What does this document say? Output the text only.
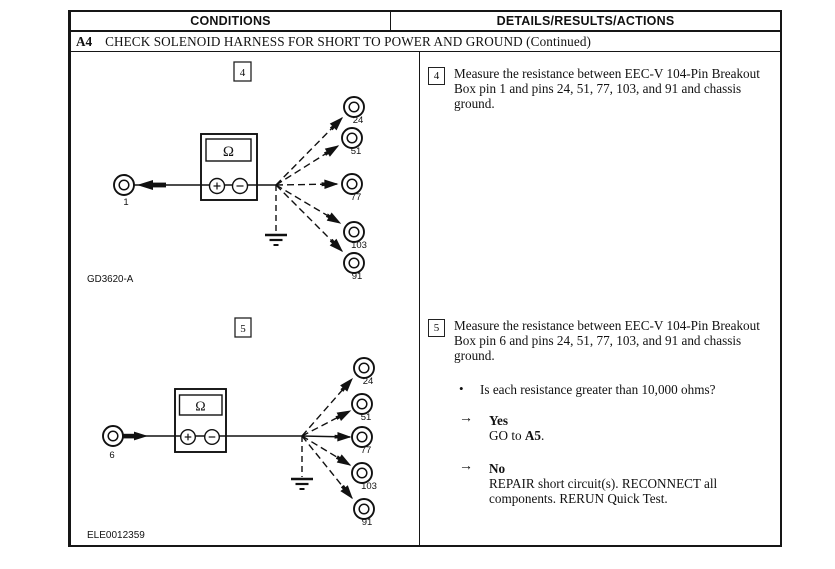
CONDITIONS	DETAILS/RESULTS/ACTIONS
A4 CHECK SOLENOID HARNESS FOR SHORT TO POWER AND GROUND (Continued)
4
1
Ω
24
51
77
103
91
GD3620-A
5
6
Ω
24
51
77
103
91
ELE0012359
4 Measure the resistance between EEC-V 104-Pin Breakout Box pin 1 and pins 24, 51, 77, 103, and 91 and chassis ground.
5 Measure the resistance between EEC-V 104-Pin Breakout Box pin 6 and pins 24, 51, 77, 103, and 91 and chassis ground.
• Is each resistance greater than 10,000 ohms?
→ Yes
GO to A5.
→ No
REPAIR short circuit(s). RECONNECT all components. RERUN Quick Test.
